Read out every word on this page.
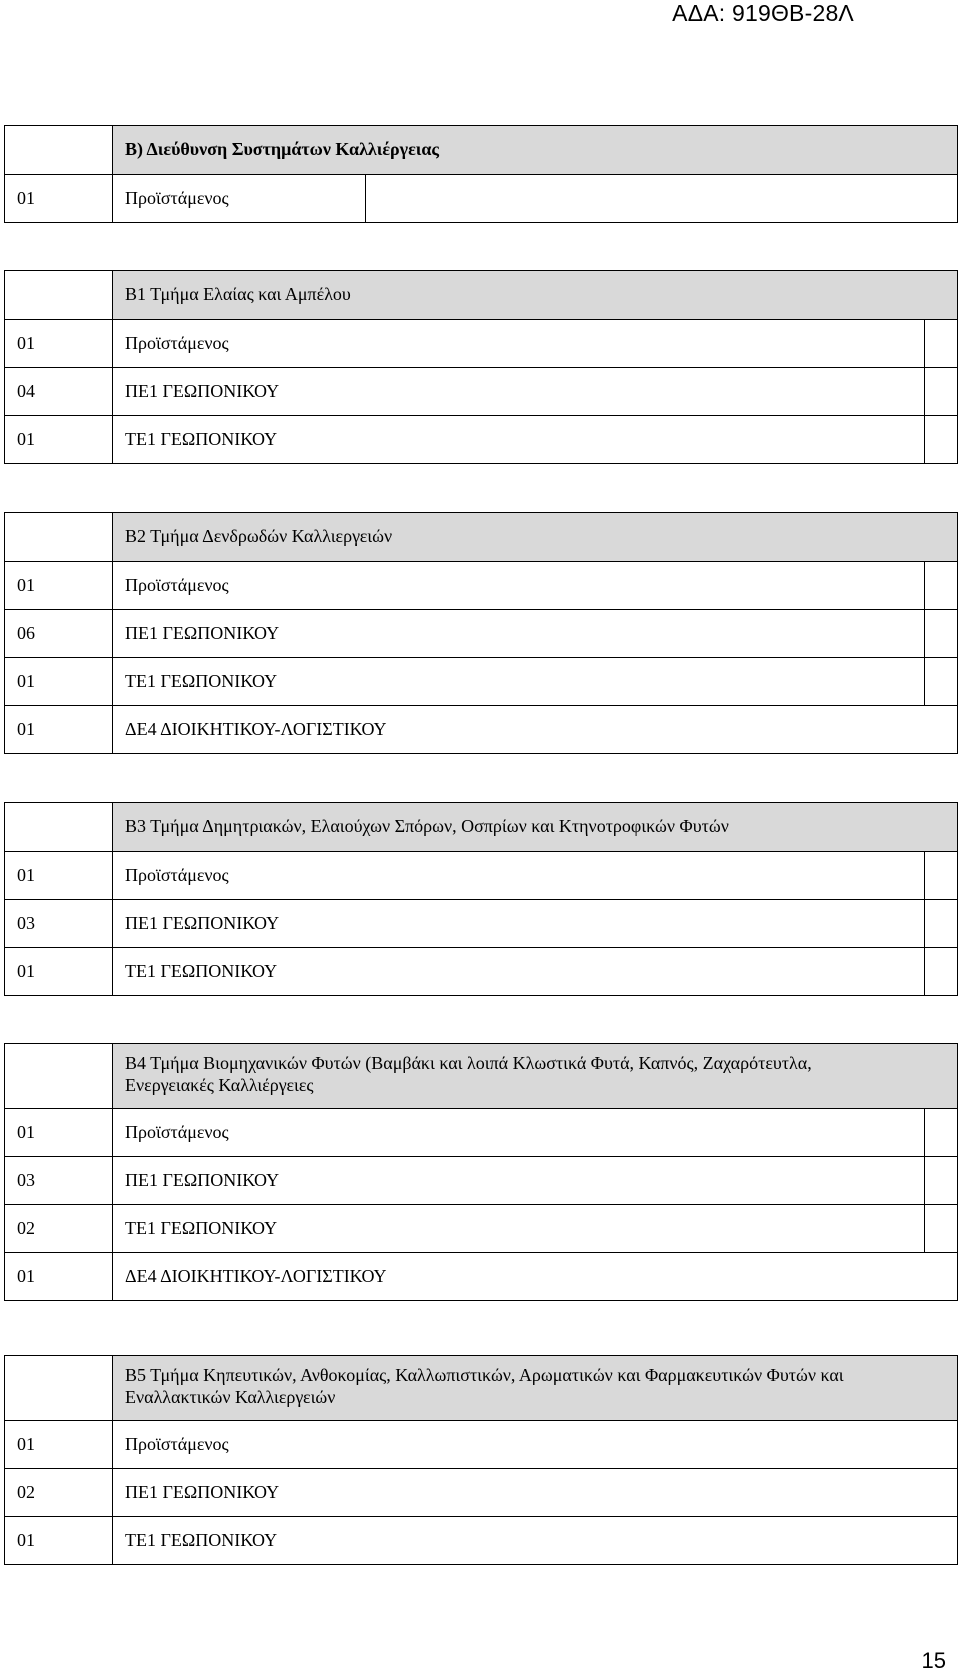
ΑΔΑ: 919ΘΒ-28Λ
Β) Διεύθυνση Συστημάτων Καλλιέργειας
01	Προϊστάμενος
Β1 Τμήμα Ελαίας και Αμπέλου
01	Προϊστάμενος
04	ΠΕ1 ΓΕΩΠΟΝΙΚΟΥ
01	ΤΕ1 ΓΕΩΠΟΝΙΚΟΥ
Β2 Τμήμα Δενδρωδών Καλλιεργειών
01	Προϊστάμενος
06	ΠΕ1 ΓΕΩΠΟΝΙΚΟΥ
01	ΤΕ1 ΓΕΩΠΟΝΙΚΟΥ
01	ΔΕ4 ΔΙΟΙΚΗΤΙΚΟΥ-ΛΟΓΙΣΤΙΚΟΥ
Β3 Τμήμα Δημητριακών, Ελαιούχων Σπόρων, Οσπρίων και Κτηνοτροφικών Φυτών
01	Προϊστάμενος
03	ΠΕ1 ΓΕΩΠΟΝΙΚΟΥ
01	ΤΕ1 ΓΕΩΠΟΝΙΚΟΥ
Β4 Τμήμα Βιομηχανικών Φυτών (Βαμβάκι και λοιπά Κλωστικά Φυτά, Καπνός, Ζαχαρότευτλα, Ενεργειακές Καλλιέργειες
01	Προϊστάμενος
03	ΠΕ1 ΓΕΩΠΟΝΙΚΟΥ
02	ΤΕ1 ΓΕΩΠΟΝΙΚΟΥ
01	ΔΕ4 ΔΙΟΙΚΗΤΙΚΟΥ-ΛΟΓΙΣΤΙΚΟΥ
Β5 Τμήμα Κηπευτικών, Ανθοκομίας, Καλλωπιστικών, Αρωματικών και Φαρμακευτικών Φυτών και Εναλλακτικών Καλλιεργειών
01	Προϊστάμενος
02	ΠΕ1 ΓΕΩΠΟΝΙΚΟΥ
01	ΤΕ1 ΓΕΩΠΟΝΙΚΟΥ
15
